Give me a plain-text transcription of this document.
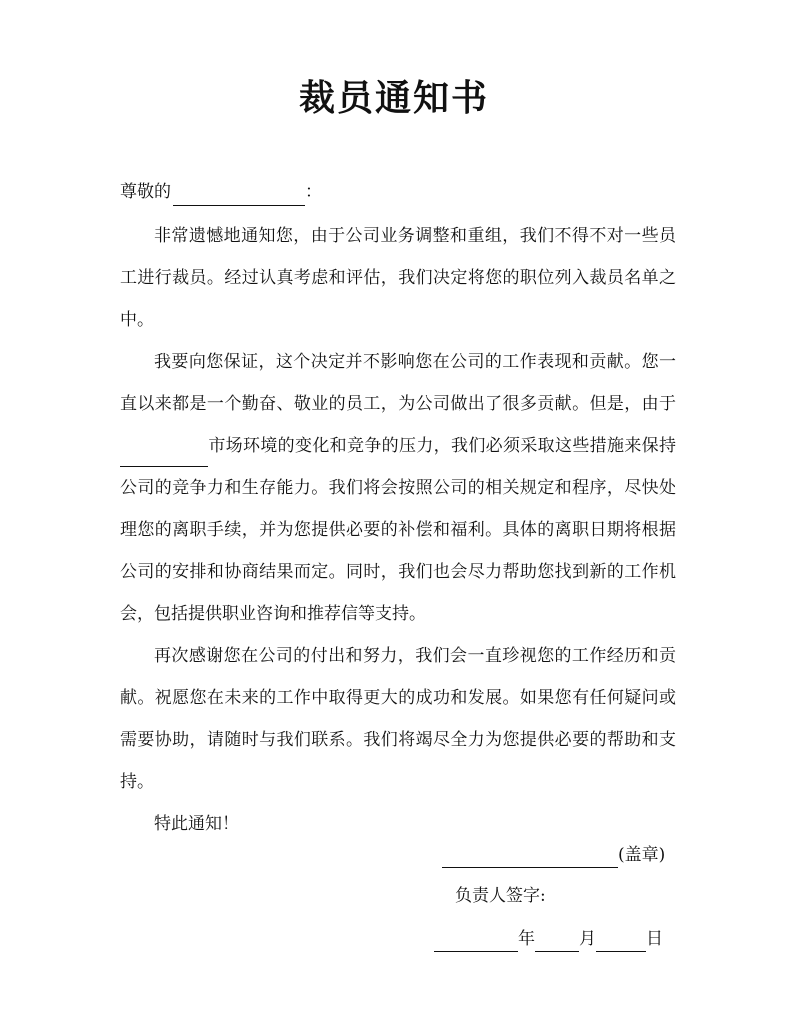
裁员通知书
尊敬的	：

非常遗憾地通知您，由于公司业务调整和重组，我们不得不对一些员工进行裁员。经过认真考虑和评估，我们决定将您的职位列入裁员名单之中。

我要向您保证，这个决定并不影响您在公司的工作表现和贡献。您一直以来都是一个勤奋、敬业的员工，为公司做出了很多贡献。但是，由于市场环境的变化和竞争的压力，我们必须采取这些措施来保持公司的竞争力和生存能力。我们将会按照公司的相关规定和程序，尽快处理您的离职手续，并为您提供必要的补偿和福利。具体的离职日期将根据公司的安排和协商结果而定。同时，我们也会尽力帮助您找到新的工作机会，包括提供职业咨询和推荐信等支持。

再次感谢您在公司的付出和努力，我们会一直珍视您的工作经历和贡献。祝愿您在未来的工作中取得更大的成功和发展。如果您有任何疑问或需要协助，请随时与我们联系。我们将竭尽全力为您提供必要的帮助和支持。

特此通知！

(盖章)
负责人签字:
年	月	日
